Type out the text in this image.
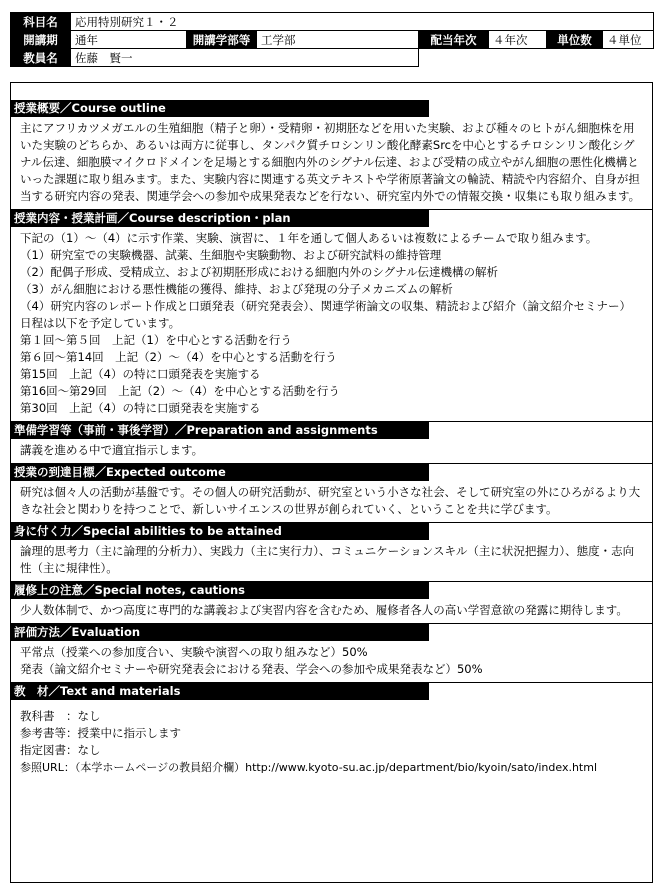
科目名	応用特別研究１・２						
開講期	通年	開講学部等	工学部	配当年次	４年次	単位数	４単位
教員名	佐藤　賢一						
授業概要／Course outline

主にアフリカツメガエルの生殖細胞（精子と卵）・受精卵・初期胚などを用いた実験、および種々のヒトがん細胞株を用いた実験のどちらか、あるいは両方に従事し、タンパク質チロシンリン酸化酵素Srcを中心とするチロシンリン酸化シグナル伝達、細胞膜マイクロドメインを足場とする細胞内外のシグナル伝達、および受精の成立やがん細胞の悪性化機構といった課題に取り組みます。また、実験内容に関連する英文テキストや学術原著論文の輪読、精読や内容紹介、自身が担当する研究内容の発表、関連学会への参加や成果発表などを行ない、研究室内外での情報交換・収集にも取り組みます。

授業内容・授業計画／Course description・plan

下記の（1）〜（4）に示す作業、実験、演習に、１年を通して個人あるいは複数によるチームで取り組みます。

（1）研究室での実験機器、試薬、生細胞や実験動物、および研究試料の維持管理

（2）配偶子形成、受精成立、および初期胚形成における細胞内外のシグナル伝達機構の解析

（3）がん細胞における悪性機能の獲得、維持、および発現の分子メカニズムの解析

（4）研究内容のレポート作成と口頭発表（研究発表会）、関連学術論文の収集、精読および紹介（論文紹介セミナー）

日程は以下を予定しています。

第１回〜第５回　上記（1）を中心とする活動を行う

第６回〜第14回　上記（2）〜（4）を中心とする活動を行う

第15回　上記（4）の特に口頭発表を実施する

第16回〜第29回　上記（2）〜（4）を中心とする活動を行う

第30回　上記（4）の特に口頭発表を実施する

準備学習等（事前・事後学習）／Preparation and assignments

講義を進める中で適宜指示します。

授業の到達目標／Expected outcome

研究は個々人の活動が基盤です。その個人の研究活動が、研究室という小さな社会、そして研究室の外にひろがるより大きな社会と関わりを持つことで、新しいサイエンスの世界が創られていく、ということを共に学びます。

身に付く力／Special abilities to be attained

論理的思考力（主に論理的分析力）、実践力（主に実行力）、コミュニケーションスキル（主に状況把握力）、態度・志向性（主に規律性）。

履修上の注意／Special notes, cautions

少人数体制で、かつ高度に専門的な講義および実習内容を含むため、履修者各人の高い学習意欲の発露に期待します。

評価方法／Evaluation

平常点（授業への参加度合い、実験や演習への取り組みなど）50%

発表（論文紹介セミナーや研究発表会における発表、学会への参加や成果発表など）50%

教　材／Text and materials

教科書　：なし

参考書等：授業中に指示します

指定図書：なし

参照URL：（本学ホームページの教員紹介欄）http://www.kyoto-su.ac.jp/department/bio/kyoin/sato/index.html
